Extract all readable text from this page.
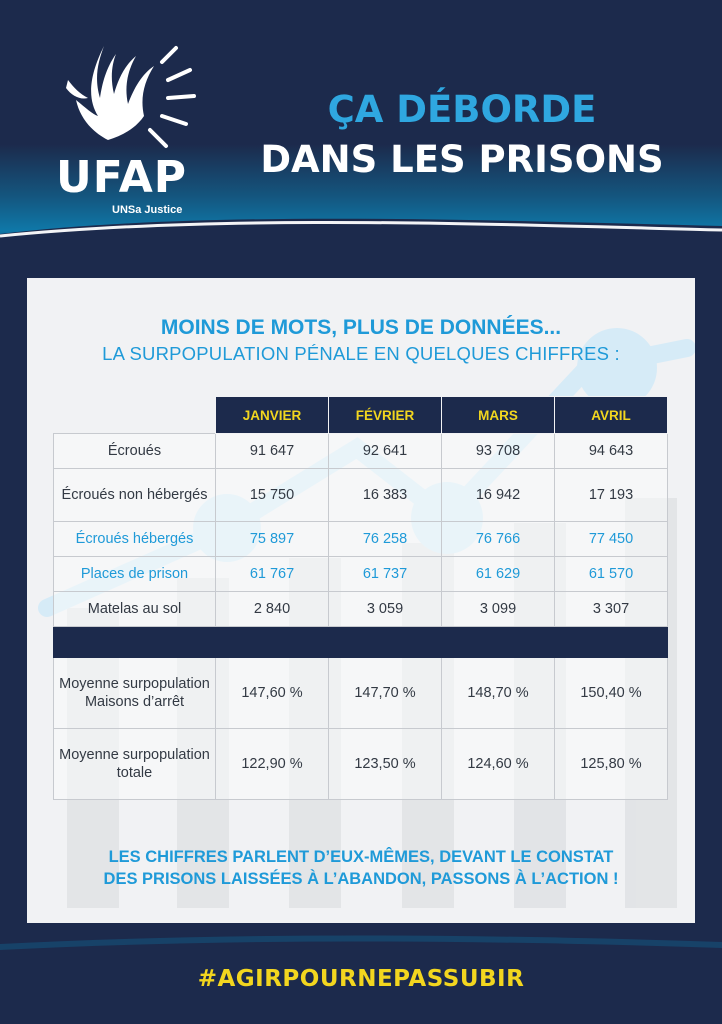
UFAP
UNSa Justice
ÇA DÉBORDE
DANS LES PRISONS
MOINS DE MOTS, PLUS DE DONNÉES...
LA SURPOPULATION PÉNALE EN QUELQUES CHIFFRES :
	JANVIER	FÉVRIER	MARS	AVRIL
Écroués	91 647	92 641	93 708	94 643
Écroués non hébergés	15 750	16 383	16 942	17 193
Écroués hébergés	75 897	76 258	76 766	77 450
Places de prison	61 767	61 737	61 629	61 570
Matelas au sol	2 840	3 059	3 099	3 307

Moyenne surpopulation Maisons d’arrêt	147,60 %	147,70 %	148,70 %	150,40 %
Moyenne surpopulation totale	122,90 %	123,50 %	124,60 %	125,80 %
LES CHIFFRES PARLENT D’EUX-MÊMES, DEVANT LE CONSTAT
DES PRISONS LAISSÉES À L’ABANDON, PASSONS À L’ACTION !
#AGIRPOURNEPASSUBIR
